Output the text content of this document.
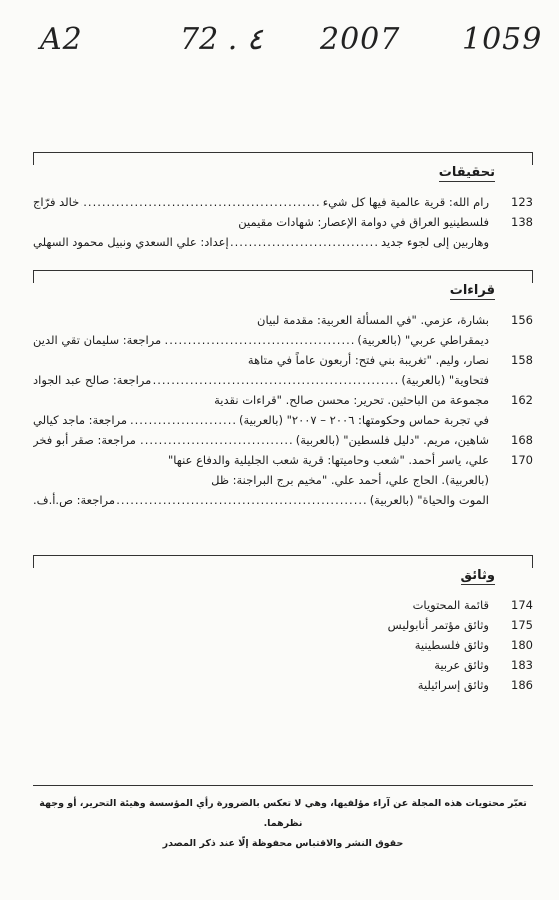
A2	72 . ٤ 2007 1059
تحقيقات
123
رام الله: قرية عالمية فيها كل شيء
.....
خالد فرّاج
138
فلسطينيو العراق في دوامة الإعصار: شهادات مقيمين
وهاربين إلى لجوء جديد
.....
إعداد: علي السعدي ونبيل محمود السهلي
قراءات
156
بشارة، عزمي. "في المسألة العربية: مقدمة لبيان
ديمقراطي عربي" (بالعربية)
.....
مراجعة: سليمان تقي الدين
158
نصار، وليم. "تغريبة بني فتح: أربعون عاماً في متاهة
فتحاوية" (بالعربية)
.....
مراجعة: صالح عبد الجواد
162
مجموعة من الباحثين. تحرير: محسن صالح. "قراءات نقدية
في تجربة حماس وحكومتها: ٢٠٠٦ – ٢٠٠٧" (بالعربية)
.....
مراجعة: ماجد كيالي
168
شاهين، مريم. "دليل فلسطين" (بالعربية)
.....
مراجعة: صقر أبو فخر
170
علي، ياسر أحمد. "شعب وحاميتها: قرية شعب الجليلية والدفاع عنها"
(بالعربية). الحاج علي، أحمد علي. "مخيم برج البراجنة: ظل
الموت والحياة" (بالعربية)
.....
مراجعة: ص.أ.ف.
وثائق
174
قائمة المحتويات
175
وثائق مؤتمر أنابوليس
180
وثائق فلسطينية
183
وثائق عربية
186
وثائق إسرائيلية
تعبّر محتويات هذه المجلة عن آراء مؤلفيها، وهي لا تعكس بالضرورة رأي المؤسسة وهيئة التحرير، أو وجهة نظرهما.
حقوق النشر والاقتباس محفوظة إلّا عند ذكر المصدر
